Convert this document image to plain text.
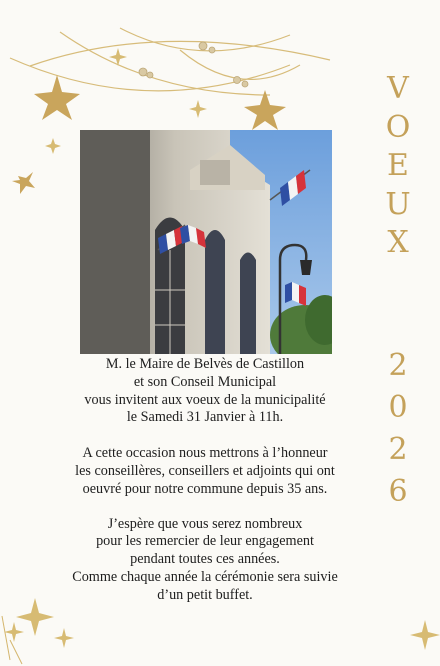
M. le Maire de Belvès de Castillon

et son Conseil Municipal

vous invitent aux voeux de la municipalité

le Samedi 31 Janvier à 11h.

A cette occasion nous mettrons à l’honneur

les conseillères, conseillers et adjoints qui ont

oeuvré pour notre commune depuis 35 ans.

J’espère que vous serez nombreux

pour les remercier de leur engagement

pendant toutes ces années.

Comme chaque année la cérémonie sera suivie

d’un petit buffet.

V
O
E
U
X
2
0
2
6
